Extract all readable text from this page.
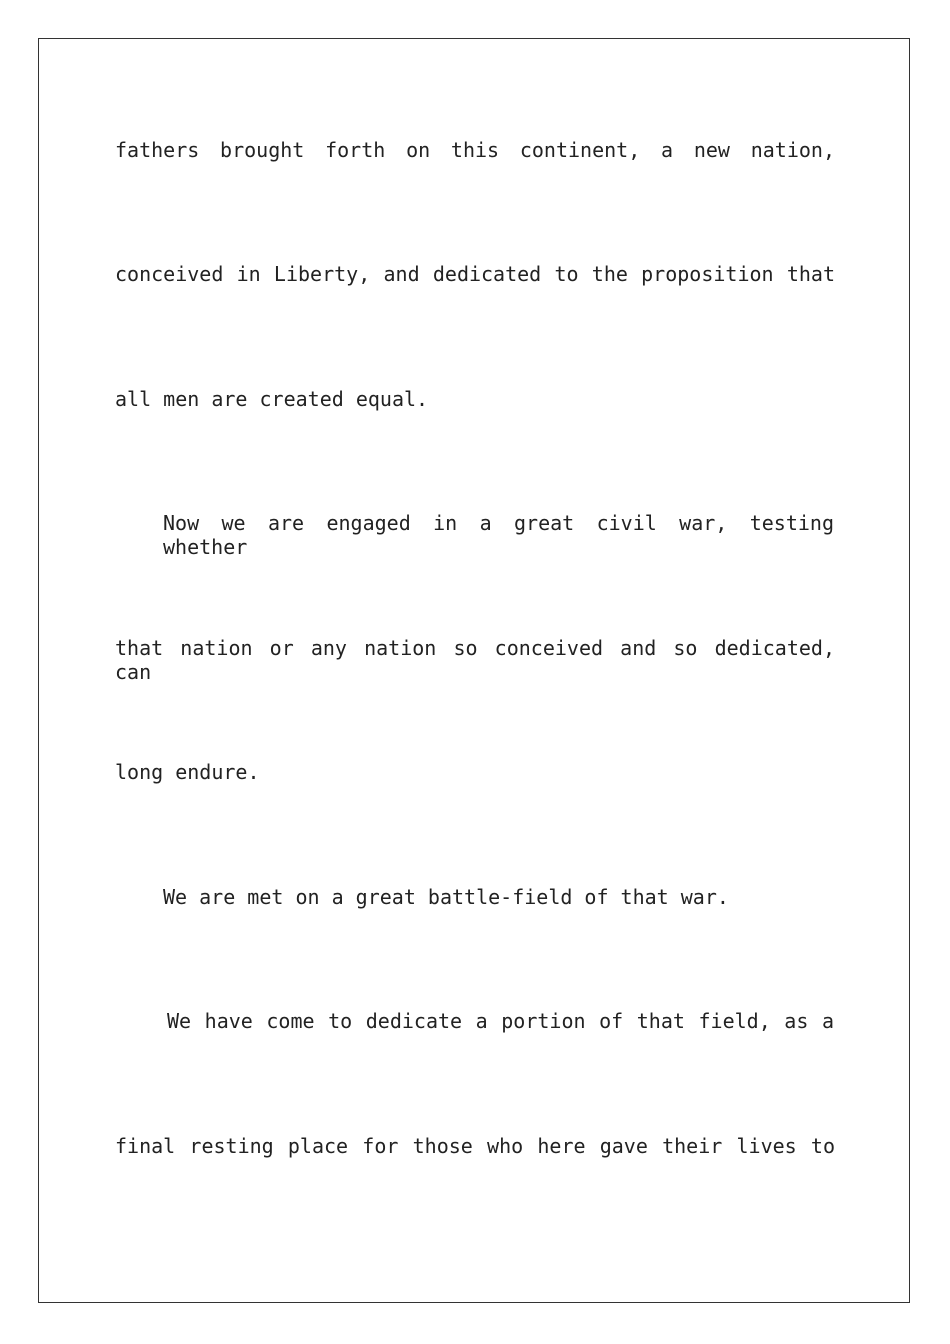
fathers brought forth on this continent, a new nation,
conceived in Liberty, and dedicated to the proposition that
all men are created equal.
Now we are engaged in a great civil war, testing whether
that nation or any nation so conceived and so dedicated, can
long endure.
We are met on a great battle-field of that war.
We have come to dedicate a portion of that field, as a
final resting place for those who here gave their lives to
